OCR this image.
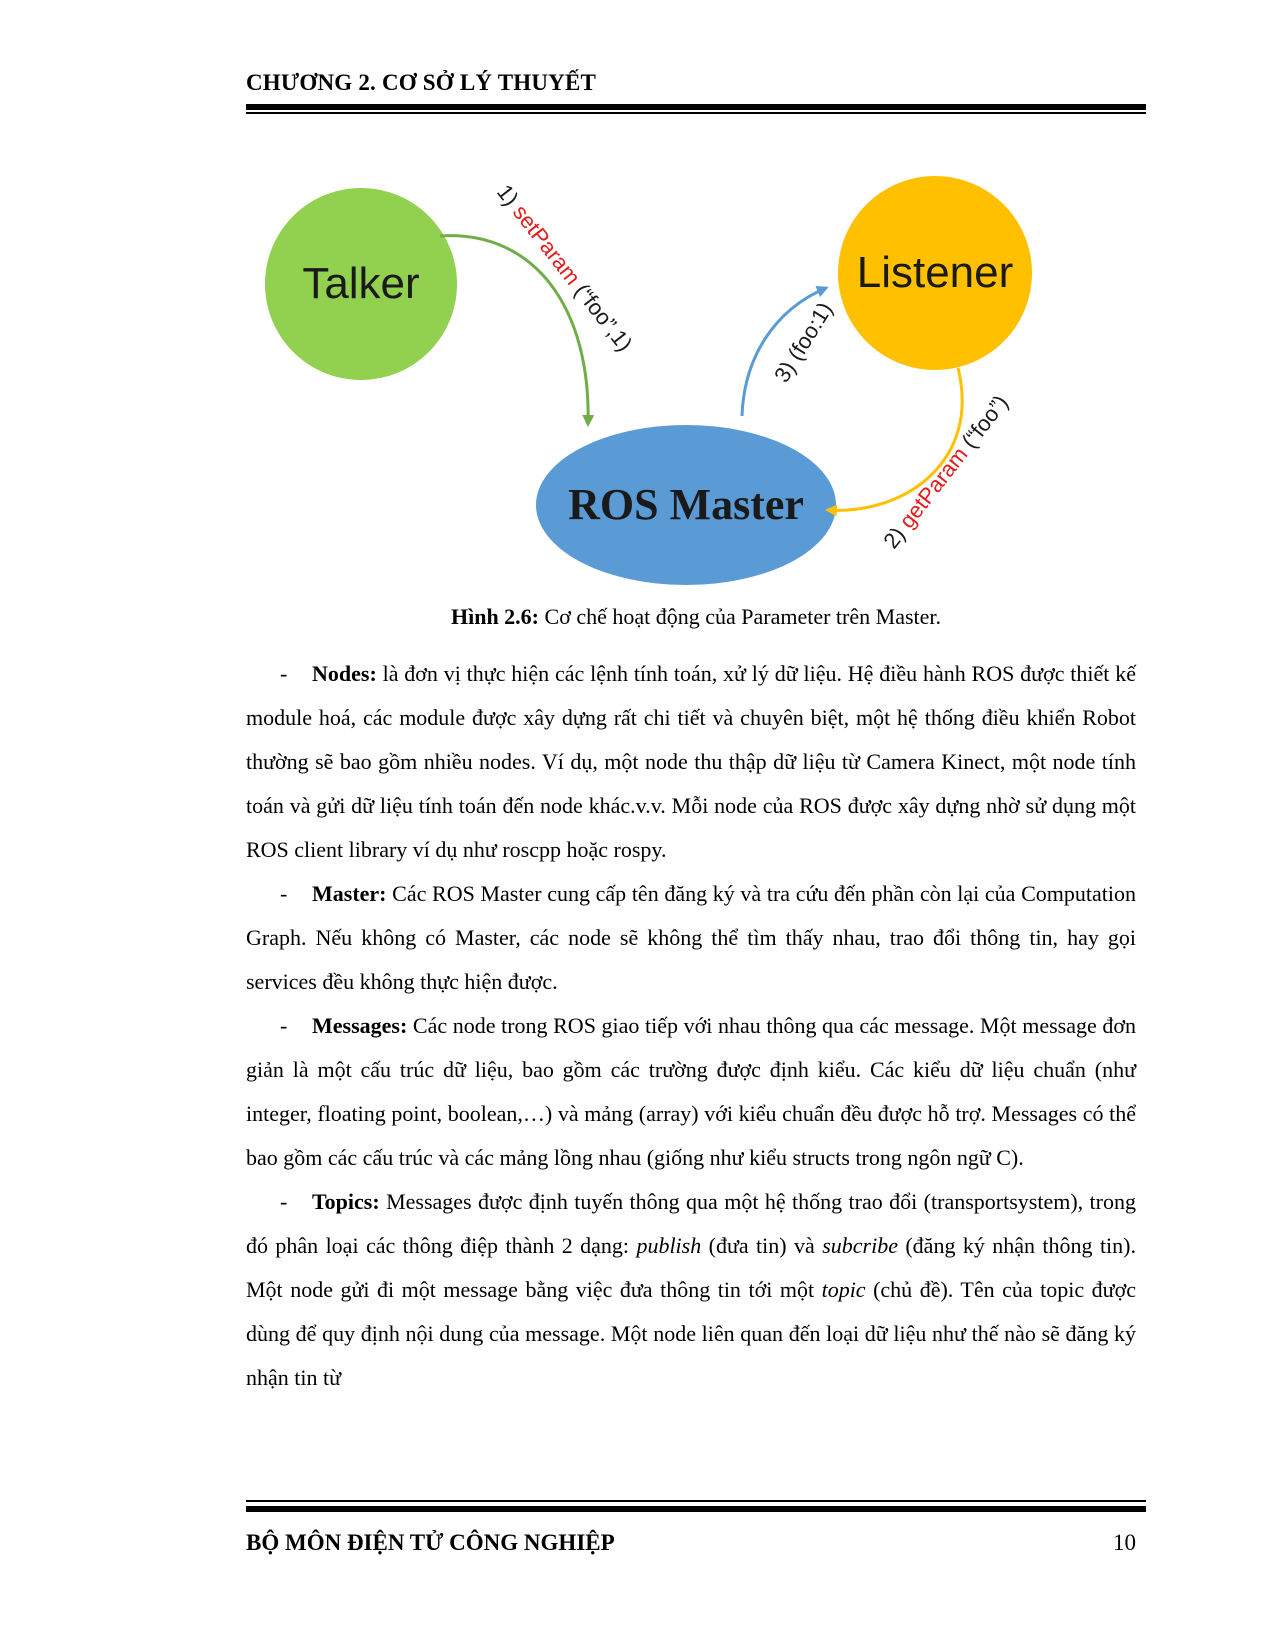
CHƯƠNG 2. CƠ SỞ LÝ THUYẾT
Talker	Listener
ROS Master
1) setParam (“foo”,1)	3) (foo:1)
2) getParam (“foo”)
Hình 2.6: Cơ chế hoạt động của Parameter trên Master.

- Nodes: là đơn vị thực hiện các lệnh tính toán, xử lý dữ liệu. Hệ điều hành ROS được thiết kế module hoá, các module được xây dựng rất chi tiết và chuyên biệt, một hệ thống điều khiển Robot thường sẽ bao gồm nhiều nodes. Ví dụ, một node thu thập dữ liệu từ Camera Kinect, một node tính toán và gửi dữ liệu tính toán đến node khác.v.v. Mỗi node của ROS được xây dựng nhờ sử dụng một ROS client library ví dụ như roscpp hoặc rospy.

- Master: Các ROS Master cung cấp tên đăng ký và tra cứu đến phần còn lại của Computation Graph. Nếu không có Master, các node sẽ không thể tìm thấy nhau, trao đổi thông tin, hay gọi services đều không thực hiện được.

- Messages: Các node trong ROS giao tiếp với nhau thông qua các message. Một message đơn giản là một cấu trúc dữ liệu, bao gồm các trường được định kiểu. Các kiểu dữ liệu chuẩn (như integer, floating point, boolean,…) và mảng (array) với kiểu chuẩn đều được hỗ trợ. Messages có thể bao gồm các cấu trúc và các mảng lồng nhau (giống như kiểu structs trong ngôn ngữ C).

- Topics: Messages được định tuyến thông qua một hệ thống trao đổi (transportsystem), trong đó phân loại các thông điệp thành 2 dạng: publish (đưa tin) và subcribe (đăng ký nhận thông tin). Một node gửi đi một message bằng việc đưa thông tin tới một topic (chủ đề). Tên của topic được dùng để quy định nội dung của message. Một node liên quan đến loại dữ liệu như thế nào sẽ đăng ký nhận tin từ

BỘ MÔN ĐIỆN TỬ CÔNG NGHIỆP	10
